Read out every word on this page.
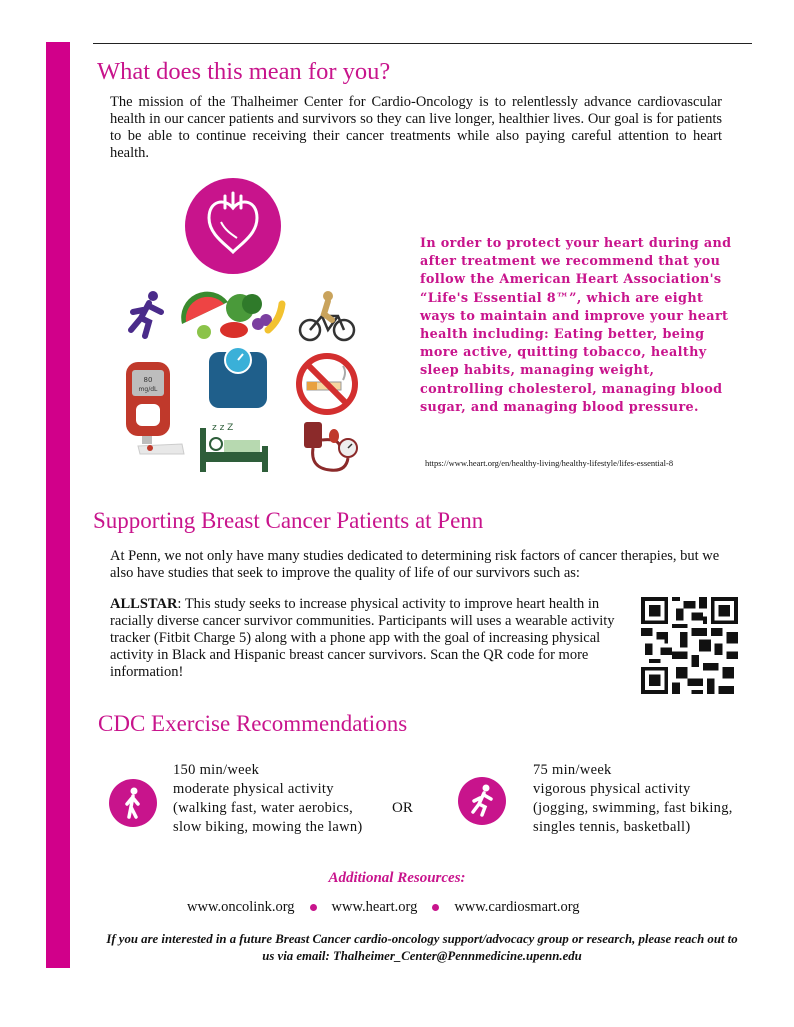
What does this mean for you?

The mission of the Thalheimer Center for Cardio-Oncology is to relentlessly advance cardiovascular health in our cancer patients and survivors so they can live longer, healthier lives. Our goal is for patients to be able to continue receiving their cancer treatments while also paying careful attention to heart health.

80
mg/dL
z z Z
In order to protect your heart during and after treatment we recommend that you follow the American Heart Association's “Life's Essential 8™”, which are eight ways to maintain and improve your heart health including: Eating better, being more active, quitting tobacco, healthy sleep habits, managing weight, controlling cholesterol, managing blood sugar, and managing blood pressure.
https://www.heart.org/en/healthy-living/healthy-lifestyle/lifes-essential-8
Supporting Breast Cancer Patients at Penn

At Penn, we not only have many studies dedicated to determining risk factors of cancer therapies, but we also have studies that seek to improve the quality of life of our survivors such as:

ALLSTAR: This study seeks to increase physical activity to improve heart health in racially diverse cancer survivor communities. Participants will uses a wearable activity tracker (Fitbit Charge 5) along with a phone app with the goal of increasing physical activity in Black and Hispanic breast cancer survivors. Scan the QR code for more information!

CDC Exercise Recommendations
150 min/week
moderate physical activity
(walking fast, water aerobics, slow biking, mowing the lawn)
OR
75 min/week
vigorous physical activity
(jogging, swimming, fast biking, singles tennis, basketball)
Additional Resources:
www.oncolink.org	www.heart.org	www.cardiosmart.org
If you are interested in a future Breast Cancer cardio-oncology support/advocacy group or research, please reach out to us via email: Thalheimer_Center@Pennmedicine.upenn.edu
